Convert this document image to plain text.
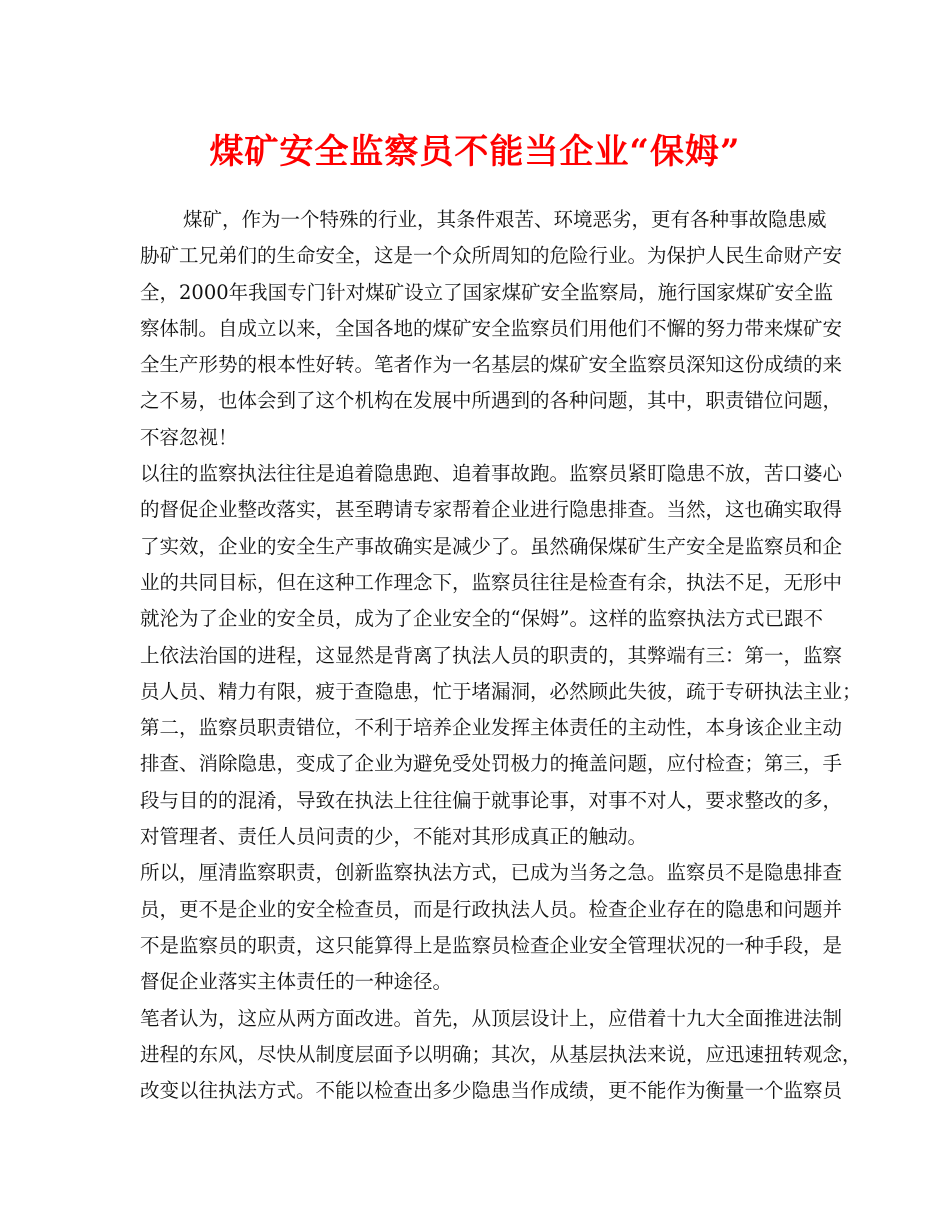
煤矿安全监察员不能当企业“保姆”
煤矿，作为一个特殊的行业，其条件艰苦、环境恶劣，更有各种事故隐患威
胁矿工兄弟们的生命安全，这是一个众所周知的危险行业。为保护人民生命财产安
全，2000年我国专门针对煤矿设立了国家煤矿安全监察局，施行国家煤矿安全监
察体制。自成立以来，全国各地的煤矿安全监察员们用他们不懈的努力带来煤矿安
全生产形势的根本性好转。笔者作为一名基层的煤矿安全监察员深知这份成绩的来
之不易，也体会到了这个机构在发展中所遇到的各种问题，其中，职责错位问题，
不容忽视！
以往的监察执法往往是追着隐患跑、追着事故跑。监察员紧盯隐患不放，苦口婆心
的督促企业整改落实，甚至聘请专家帮着企业进行隐患排查。当然，这也确实取得
了实效，企业的安全生产事故确实是减少了。虽然确保煤矿生产安全是监察员和企
业的共同目标，但在这种工作理念下，监察员往往是检查有余，执法不足，无形中
就沦为了企业的安全员，成为了企业安全的“保姆”。这样的监察执法方式已跟不
上依法治国的进程，这显然是背离了执法人员的职责的，其弊端有三：第一，监察
员人员、精力有限，疲于查隐患，忙于堵漏洞，必然顾此失彼，疏于专研执法主业；
第二，监察员职责错位，不利于培养企业发挥主体责任的主动性，本身该企业主动
排查、消除隐患，变成了企业为避免受处罚极力的掩盖问题，应付检查；第三，手
段与目的的混淆，导致在执法上往往偏于就事论事，对事不对人，要求整改的多，
对管理者、责任人员问责的少，不能对其形成真正的触动。
所以，厘清监察职责，创新监察执法方式，已成为当务之急。监察员不是隐患排查
员，更不是企业的安全检查员，而是行政执法人员。检查企业存在的隐患和问题并
不是监察员的职责，这只能算得上是监察员检查企业安全管理状况的一种手段，是
督促企业落实主体责任的一种途径。
笔者认为，这应从两方面改进。首先，从顶层设计上，应借着十九大全面推进法制
进程的东风，尽快从制度层面予以明确；其次，从基层执法来说，应迅速扭转观念，
改变以往执法方式。不能以检查出多少隐患当作成绩，更不能作为衡量一个监察员
